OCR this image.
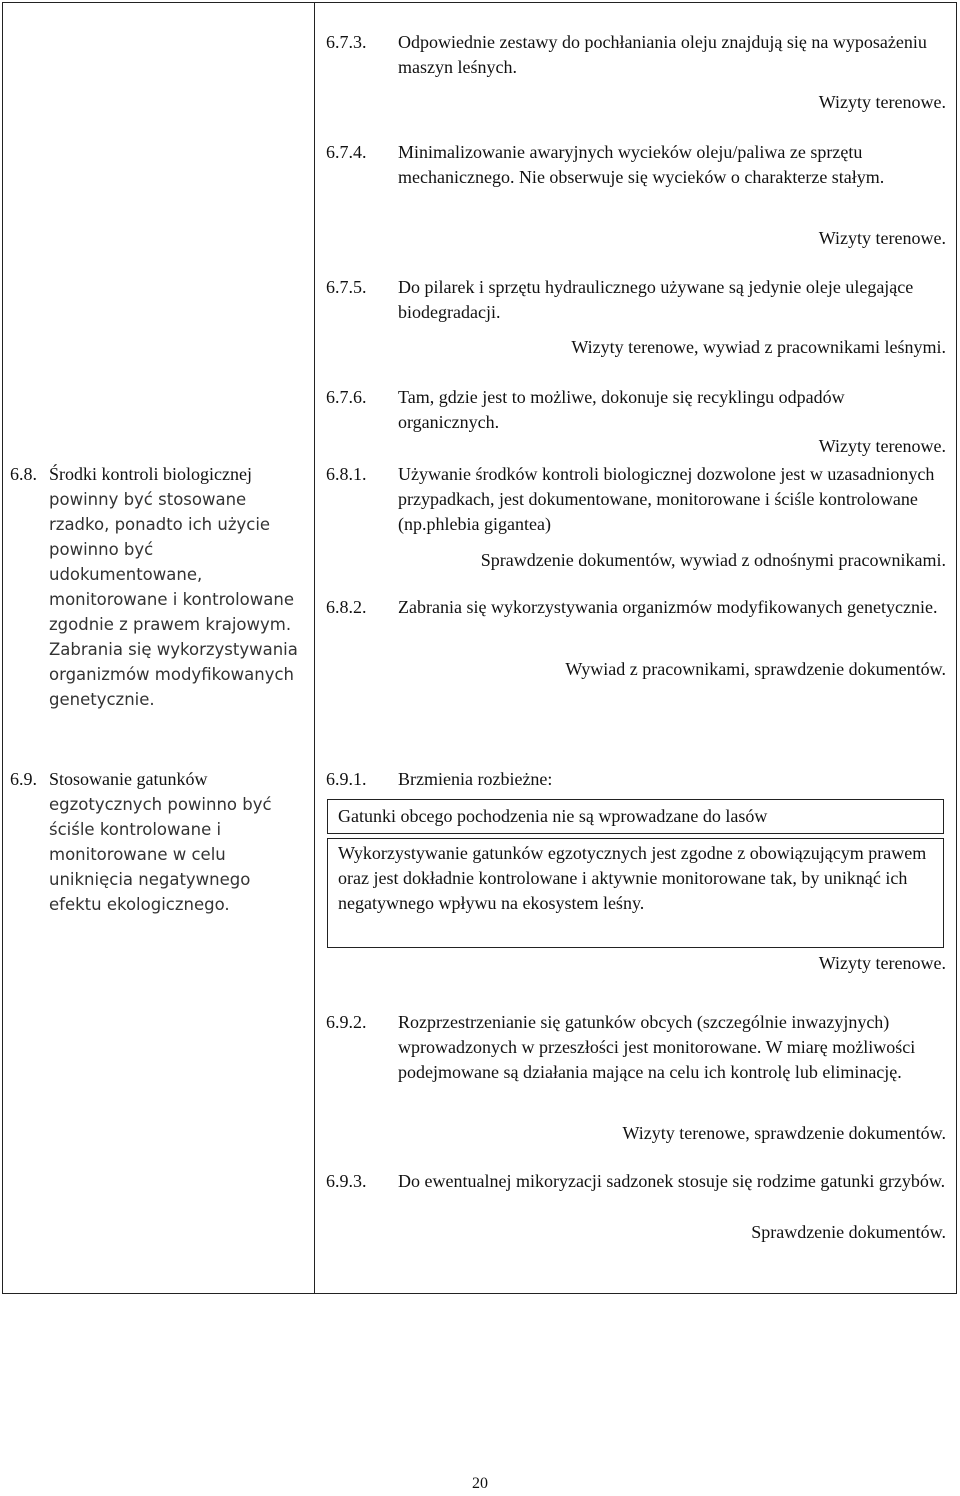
6.8. Środki kontroli biologicznej
powinny być stosowane rzadko, ponadto ich użycie powinno być udokumentowane, monitorowane i kontrolowane zgodnie z prawem krajowym. Zabrania się wykorzystywania organizmów modyfikowanych genetycznie.
6.9. Stosowanie gatunków
egzotycznych powinno być ściśle kontrolowane i monitorowane w celu uniknięcia negatywnego efektu ekologicznego.
6.7.3. Odpowiednie zestawy do pochłaniania oleju znajdują się na wyposażeniu maszyn leśnych.
Wizyty terenowe.
6.7.4. Minimalizowanie awaryjnych wycieków oleju/paliwa ze sprzętu mechanicznego. Nie obserwuje się wycieków o charakterze stałym.
Wizyty terenowe.
6.7.5. Do pilarek i sprzętu hydraulicznego używane są jedynie oleje ulegające biodegradacji.
Wizyty terenowe, wywiad z pracownikami leśnymi.
6.7.6. Tam, gdzie jest to możliwe, dokonuje się recyklingu odpadów organicznych.
Wizyty terenowe.
6.8.1. Używanie środków kontroli biologicznej dozwolone jest w uzasadnionych przypadkach, jest dokumentowane, monitorowane i ściśle kontrolowane (np.phlebia gigantea)
Sprawdzenie dokumentów, wywiad z odnośnymi pracownikami.
6.8.2. Zabrania się wykorzystywania organizmów modyfikowanych genetycznie.
Wywiad z pracownikami, sprawdzenie dokumentów.
6.9.1. Brzmienia rozbieżne:
Gatunki obcego pochodzenia nie są wprowadzane do lasów
Wykorzystywanie gatunków egzotycznych jest zgodne z obowiązującym prawem oraz jest dokładnie kontrolowane i aktywnie monitorowane tak, by uniknąć ich negatywnego wpływu na ekosystem leśny.
Wizyty terenowe.
6.9.2. Rozprzestrzenianie się gatunków obcych (szczególnie inwazyjnych) wprowadzonych w przeszłości jest monitorowane. W miarę możliwości podejmowane są działania mające na celu ich kontrolę lub eliminację.
Wizyty terenowe, sprawdzenie dokumentów.
6.9.3. Do ewentualnej mikoryzacji sadzonek stosuje się rodzime gatunki grzybów.
Sprawdzenie dokumentów.
20
